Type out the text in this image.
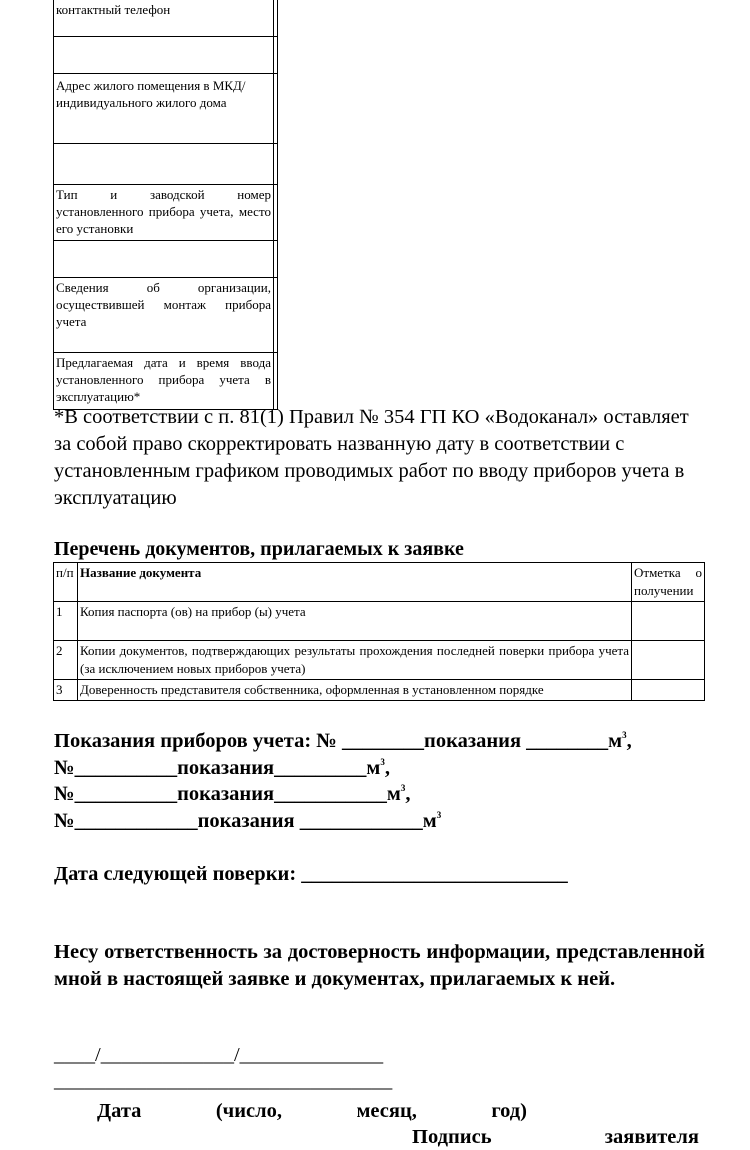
контактный телефон	

Адрес жилого помещения в МКД/ индивидуального жилого дома	

Тип и заводской номер установленного прибора учета, место его установки	

Сведения об организации, осуществившей монтаж прибора учета	
Предлагаемая дата и время ввода установленного прибора учета в эксплуатацию*	
*В соответствии с п. 81(1) Правил № 354 ГП КО «Водоканал» оставляет за собой право скорректировать названную дату в соответствии с установленным графиком проводимых работ по вводу приборов учета в эксплуатацию
Перечень документов, прилагаемых к заявке
п/п	Название документа	Отметка о получении
1	Копия паспорта (ов) на прибор (ы) учета	
2	Копии документов, подтверждающих результаты прохождения последней поверки прибора учета (за исключением новых приборов учета)	
3	Доверенность представителя собственника, оформленная в установленном порядке	
Показания приборов учета: № ________показания $\_\_\_\_\_\_\_\_м^3$,
$№\_\_\_\_\_\_\_\_\_\_показания\_\_\_\_\_\_\_\_\_м^3$,
$№\_\_\_\_\_\_\_\_\_\_показания\_\_\_\_\_\_\_\_\_\_\_м^3$,
№____________показания $\_\_\_\_\_\_\_\_\_\_\_\_м^3$
Дата следующей поверки: __________________________
Несу ответственность за достоверность информации, представленной мной в настоящей заявке и документах, прилагаемых к ней.
____/_____________/______________
_________________________________
Дата	(число,	месяц,	год)
Подпись	заявителя
